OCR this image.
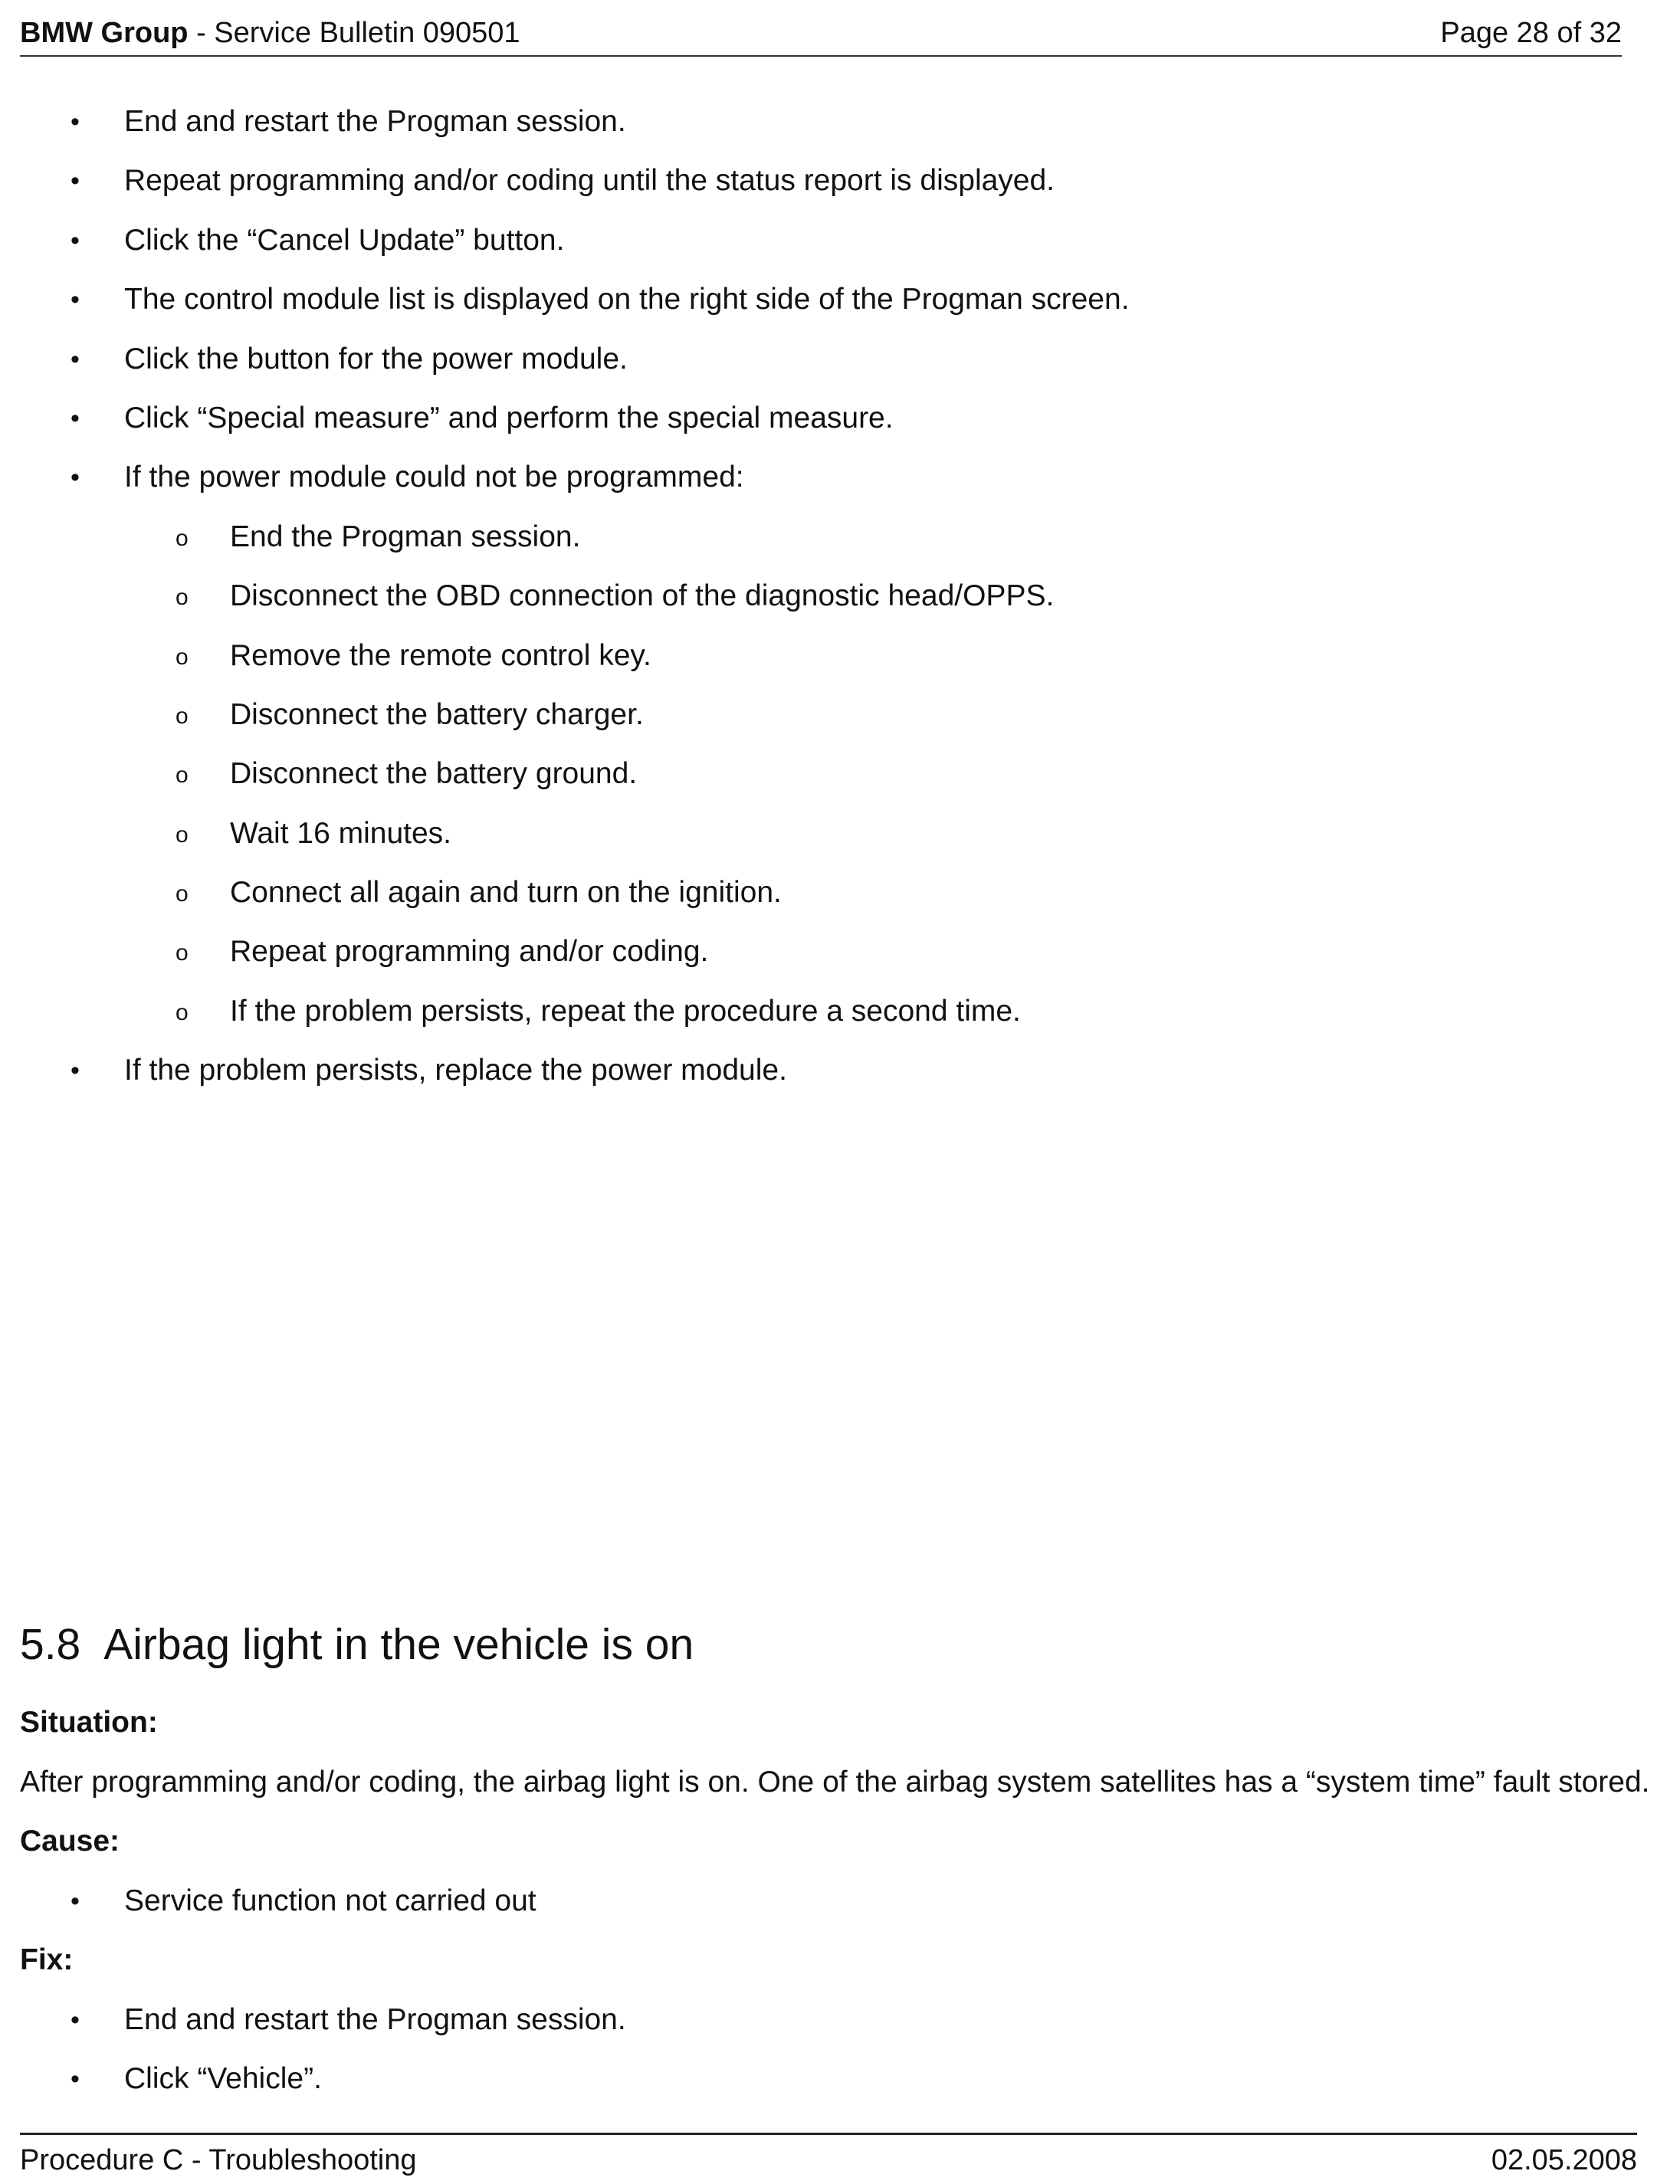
BMW Group - Service Bulletin 090501	Page 28 of 32
• End and restart the Progman session.
• Repeat programming and/or coding until the status report is displayed.
• Click the “Cancel Update” button.
• The control module list is displayed on the right side of the Progman screen.
• Click the button for the power module.
• Click “Special measure” and perform the special measure.
• If the power module could not be programmed:
o End the Progman session.
o Disconnect the OBD connection of the diagnostic head/OPPS.
o Remove the remote control key.
o Disconnect the battery charger.
o Disconnect the battery ground.
o Wait 16 minutes.
o Connect all again and turn on the ignition.
o Repeat programming and/or coding.
o If the problem persists, repeat the procedure a second time.
• If the problem persists, replace the power module.
5.8 Airbag light in the vehicle is on
Situation:
After programming and/or coding, the airbag light is on. One of the airbag system satellites has a “system time” fault stored.
Cause:
• Service function not carried out
Fix:
• End and restart the Progman session.
• Click “Vehicle”.
Procedure C - Troubleshooting	02.05.2008
